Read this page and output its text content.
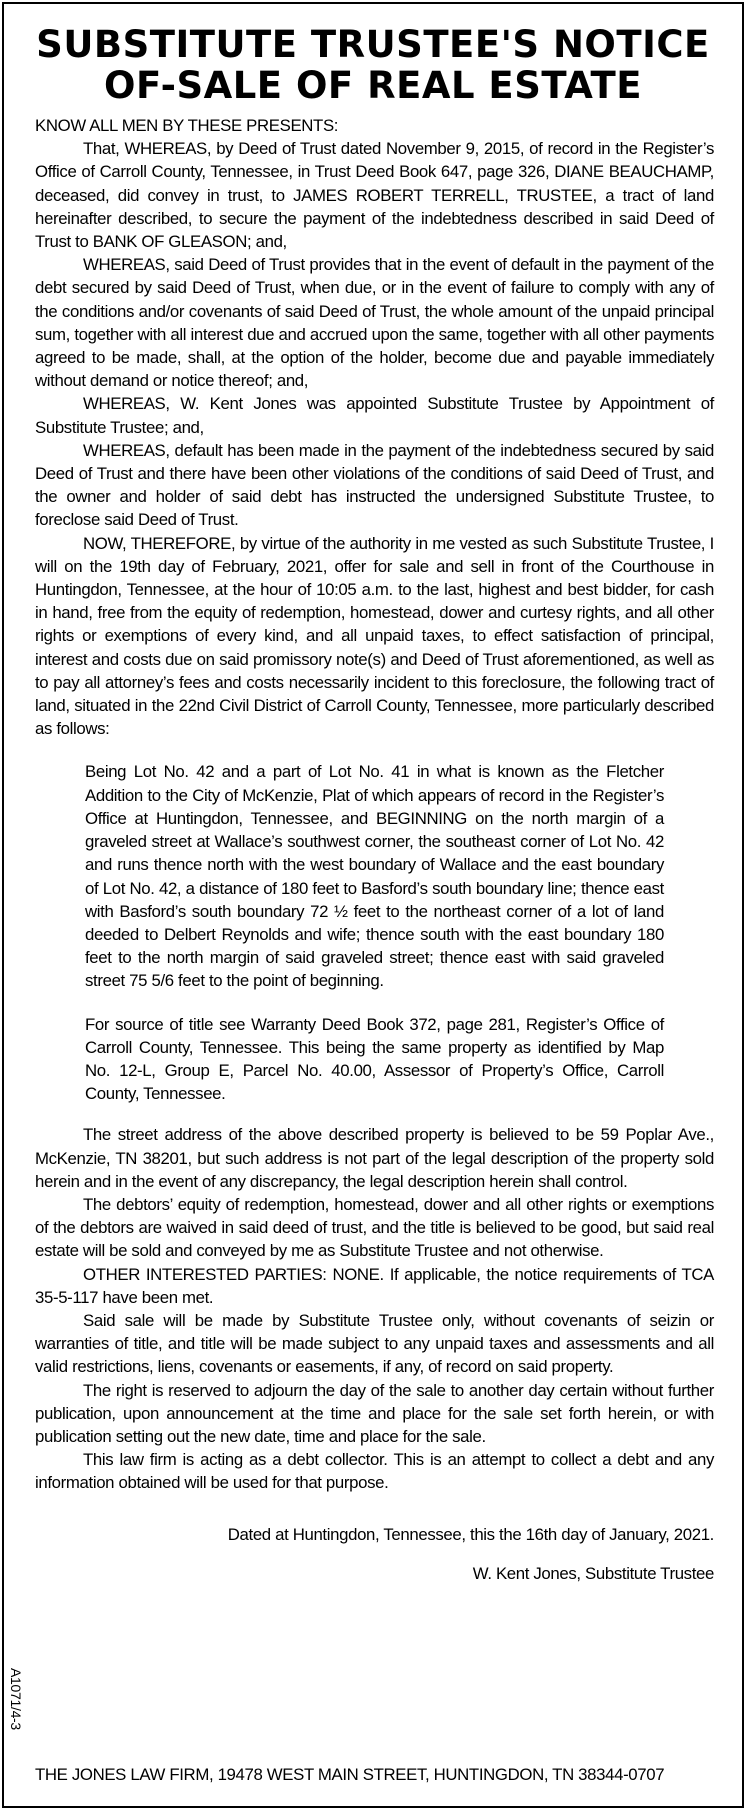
SUBSTITUTE TRUSTEE'S NOTICE
OF-SALE OF REAL ESTATE

KNOW ALL MEN BY THESE PRESENTS:

That, WHEREAS, by Deed of Trust dated November 9, 2015, of record in the Register’s Office of Carroll County, Tennessee, in Trust Deed Book 647, page 326, DIANE BEAUCHAMP, deceased, did convey in trust, to JAMES ROBERT TERRELL, TRUSTEE, a tract of land hereinafter described, to secure the payment of the indebtedness described in said Deed of Trust to BANK OF GLEASON; and,

WHEREAS, said Deed of Trust provides that in the event of default in the payment of the debt secured by said Deed of Trust, when due, or in the event of failure to comply with any of the conditions and/or covenants of said Deed of Trust, the whole amount of the unpaid principal sum, together with all interest due and accrued upon the same, together with all other payments agreed to be made, shall, at the option of the holder, become due and payable immediately without demand or notice thereof; and,

WHEREAS, W. Kent Jones was appointed Substitute Trustee by Appointment of Substitute Trustee; and,

WHEREAS, default has been made in the payment of the indebtedness secured by said Deed of Trust and there have been other violations of the conditions of said Deed of Trust, and the owner and holder of said debt has instructed the undersigned Substitute Trustee, to foreclose said Deed of Trust.

NOW, THEREFORE, by virtue of the authority in me vested as such Substitute Trustee, I will on the 19th day of February, 2021, offer for sale and sell in front of the Courthouse in Huntingdon, Tennessee, at the hour of 10:05 a.m. to the last, highest and best bidder, for cash in hand, free from the equity of redemption, homestead, dower and curtesy rights, and all other rights or exemptions of every kind, and all unpaid taxes, to effect satisfaction of principal, interest and costs due on said promissory note(s) and Deed of Trust aforementioned, as well as to pay all attorney’s fees and costs necessarily incident to this foreclosure, the following tract of land, situated in the 22nd Civil District of Carroll County, Tennessee, more particularly described as follows:

Being Lot No. 42 and a part of Lot No. 41 in what is known as the Fletcher Addition to the City of McKenzie, Plat of which appears of record in the Register’s Office at Huntingdon, Tennessee, and BEGINNING on the north margin of a graveled street at Wallace’s southwest corner, the southeast corner of Lot No. 42 and runs thence north with the west boundary of Wallace and the east boundary of Lot No. 42, a distance of 180 feet to Basford’s south boundary line; thence east with Basford’s south boundary 72 ½ feet to the northeast corner of a lot of land deeded to Delbert Reynolds and wife; thence south with the east boundary 180 feet to the north margin of said graveled street; thence east with said graveled street 75 5/6 feet to the point of beginning.

For source of title see Warranty Deed Book 372, page 281, Register’s Office of Carroll County, Tennessee. This being the same property as identified by Map No. 12-L, Group E, Parcel No. 40.00, Assessor of Property’s Office, Carroll County, Tennessee.

The street address of the above described property is believed to be 59 Poplar Ave., McKenzie, TN 38201, but such address is not part of the legal description of the property sold herein and in the event of any discrepancy, the legal description herein shall control.

The debtors’ equity of redemption, homestead, dower and all other rights or exemptions of the debtors are waived in said deed of trust, and the title is believed to be good, but said real estate will be sold and conveyed by me as Substitute Trustee and not otherwise.

OTHER INTERESTED PARTIES: NONE. If applicable, the notice requirements of TCA 35-5-117 have been met.

Said sale will be made by Substitute Trustee only, without covenants of seizin or warranties of title, and title will be made subject to any unpaid taxes and assessments and all valid restrictions, liens, covenants or easements, if any, of record on said property.

The right is reserved to adjourn the day of the sale to another day certain without further publication, upon announcement at the time and place for the sale set forth herein, or with publication setting out the new date, time and place for the sale.

This law firm is acting as a debt collector. This is an attempt to collect a debt and any information obtained will be used for that purpose.

Dated at Huntingdon, Tennessee, this the 16th day of January, 2021.
W. Kent Jones, Substitute Trustee
THE JONES LAW FIRM, 19478 WEST MAIN STREET, HUNTINGDON, TN 38344-0707
A1071/4-3
